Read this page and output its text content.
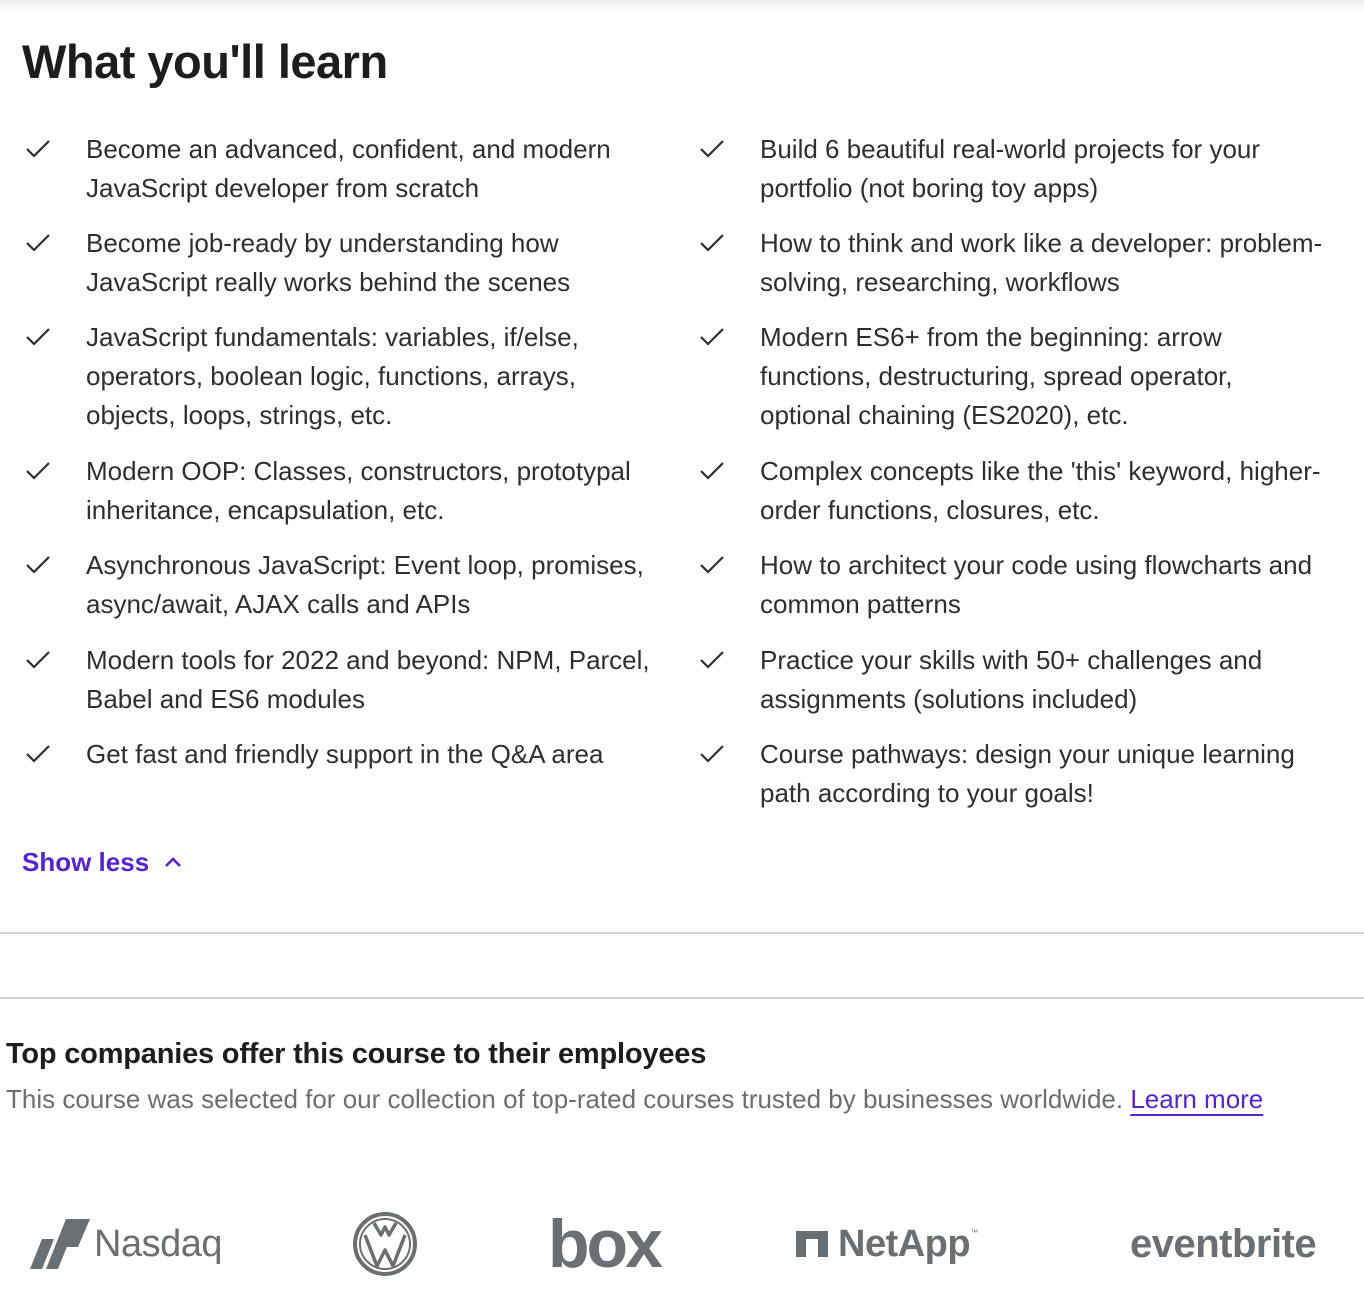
What you'll learn
Become an advanced, confident, and modern JavaScript developer from scratch
Become job-ready by understanding how JavaScript really works behind the scenes
JavaScript fundamentals: variables, if/else, operators, boolean logic, functions, arrays, objects, loops, strings, etc.
Modern OOP: Classes, constructors, prototypal inheritance, encapsulation, etc.
Asynchronous JavaScript: Event loop, promises, async/await, AJAX calls and APIs
Modern tools for 2022 and beyond: NPM, Parcel, Babel and ES6 modules
Get fast and friendly support in the Q&A area
Build 6 beautiful real-world projects for your portfolio (not boring toy apps)
How to think and work like a developer: problem-solving, researching, workflows
Modern ES6+ from the beginning: arrow functions, destructuring, spread operator, optional chaining (ES2020), etc.
Complex concepts like the 'this' keyword, higher-order functions, closures, etc.
How to architect your code using flowcharts and common patterns
Practice your skills with 50+ challenges and assignments (solutions included)
Course pathways: design your unique learning path according to your goals!
Show less
Top companies offer this course to their employees

This course was selected for our collection of top-rated courses trusted by businesses worldwide. Learn more

Nasdaq	box	NetApp ™	eventbrite
